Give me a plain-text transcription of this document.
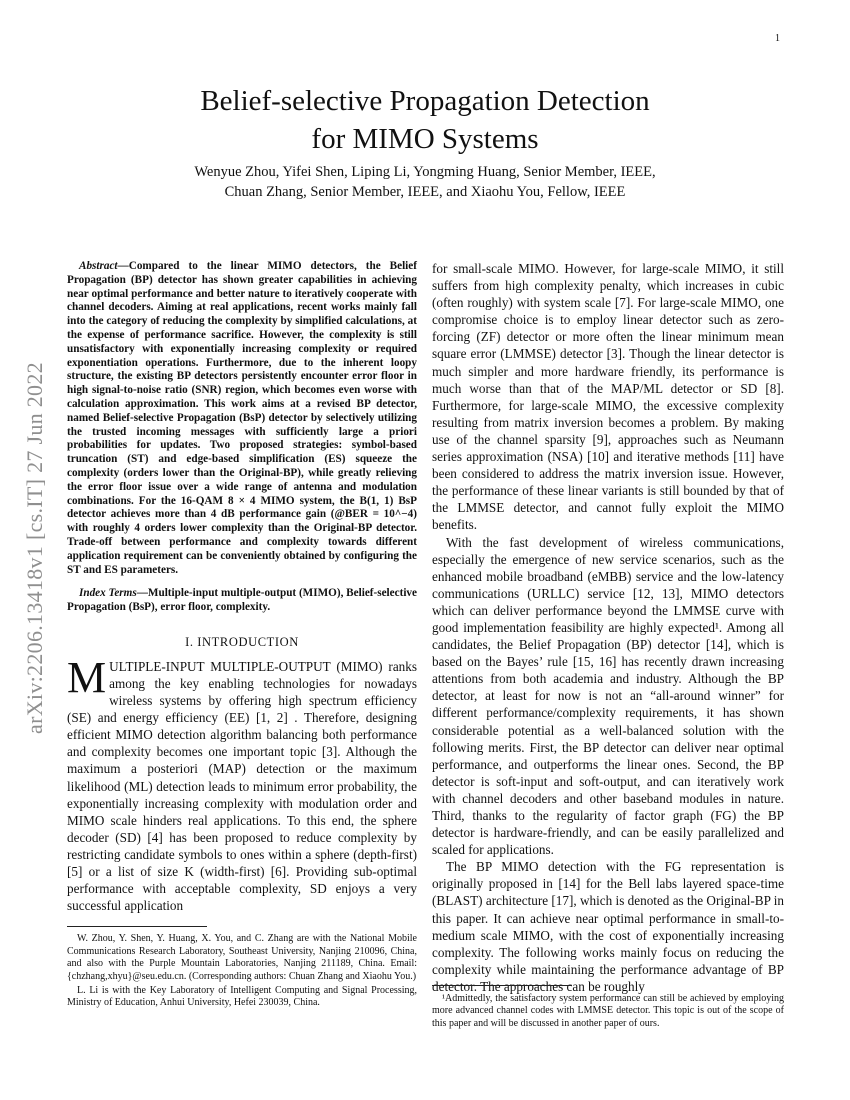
1
arXiv:2206.13418v1 [cs.IT] 27 Jun 2022
Belief-selective Propagation Detection
for MIMO Systems
Wenyue Zhou, Yifei Shen, Liping Li, Yongming Huang, Senior Member, IEEE,
Chuan Zhang, Senior Member, IEEE, and Xiaohu You, Fellow, IEEE

Abstract—Compared to the linear MIMO detectors, the Belief Propagation (BP) detector has shown greater capabilities in achieving near optimal performance and better nature to iteratively cooperate with channel decoders. Aiming at real applications, recent works mainly fall into the category of reducing the complexity by simplified calculations, at the expense of performance sacrifice. However, the complexity is still unsatisfactory with exponentially increasing complexity or required exponentiation operations. Furthermore, due to the inherent loopy structure, the existing BP detectors persistently encounter error floor in high signal-to-noise ratio (SNR) region, which becomes even worse with calculation approximation. This work aims at a revised BP detector, named Belief-selective Propagation (BsP) detector by selectively utilizing the trusted incoming messages with sufficiently large a priori probabilities for updates. Two proposed strategies: symbol-based truncation (ST) and edge-based simplification (ES) squeeze the complexity (orders lower than the Original-BP), while greatly relieving the error floor issue over a wide range of antenna and modulation combinations. For the 16-QAM 8 × 4 MIMO system, the B(1, 1) BsP detector achieves more than 4 dB performance gain (@BER = 10^−4) with roughly 4 orders lower complexity than the Original-BP detector. Trade-off between performance and complexity towards different application requirement can be conveniently obtained by configuring the ST and ES parameters.

Index Terms—Multiple-input multiple-output (MIMO), Belief-selective Propagation (BsP), error floor, complexity.

I. INTRODUCTION

MULTIPLE-INPUT MULTIPLE-OUTPUT (MIMO) ranks among the key enabling technologies for nowadays wireless systems by offering high spectrum efficiency (SE) and energy efficiency (EE) [1, 2] . Therefore, designing efficient MIMO detection algorithm balancing both performance and complexity becomes one important topic [3]. Although the maximum a posteriori (MAP) detection or the maximum likelihood (ML) detection leads to minimum error probability, the exponentially increasing complexity with modulation order and MIMO scale hinders real applications. To this end, the sphere decoder (SD) [4] has been proposed to reduce complexity by restricting candidate symbols to ones within a sphere (depth-first) [5] or a list of size K (width-first) [6]. Providing sub-optimal performance with acceptable complexity, SD enjoys a very successful application

W. Zhou, Y. Shen, Y. Huang, X. You, and C. Zhang are with the National Mobile Communications Research Laboratory, Southeast University, Nanjing 210096, China, and also with the Purple Mountain Laboratories, Nanjing 211189, China. Email: {chzhang,xhyu}@seu.edu.cn. (Corresponding authors: Chuan Zhang and Xiaohu You.)

L. Li is with the Key Laboratory of Intelligent Computing and Signal Processing, Ministry of Education, Anhui University, Hefei 230039, China.

for small-scale MIMO. However, for large-scale MIMO, it still suffers from high complexity penalty, which increases in cubic (often roughly) with system scale [7]. For large-scale MIMO, one compromise choice is to employ linear detector such as zero-forcing (ZF) detector or more often the linear minimum mean square error (LMMSE) detector [3]. Though the linear detector is much simpler and more hardware friendly, its performance is much worse than that of the MAP/ML detector or SD [8]. Furthermore, for large-scale MIMO, the excessive complexity resulting from matrix inversion becomes a problem. By making use of the channel sparsity [9], approaches such as Neumann series approximation (NSA) [10] and iterative methods [11] have been considered to address the matrix inversion issue. However, the performance of these linear variants is still bounded by that of the LMMSE detector, and cannot fully exploit the MIMO benefits.

With the fast development of wireless communications, especially the emergence of new service scenarios, such as the enhanced mobile broadband (eMBB) service and the low-latency communications (URLLC) service [12, 13], MIMO detectors which can deliver performance beyond the LMMSE curve with good implementation feasibility are highly expected¹. Among all candidates, the Belief Propagation (BP) detector [14], which is based on the Bayes’ rule [15, 16] has recently drawn increasing attentions from both academia and industry. Although the BP detector, at least for now is not an “all-around winner” for different performance/complexity requirements, it has shown considerable potential as a well-balanced solution with the following merits. First, the BP detector can deliver near optimal performance, and outperforms the linear ones. Second, the BP detector is soft-input and soft-output, and can iteratively work with channel decoders and other baseband modules in nature. Third, thanks to the regularity of factor graph (FG) the BP detector is hardware-friendly, and can be easily parallelized and scaled for applications.

The BP MIMO detection with the FG representation is originally proposed in [14] for the Bell labs layered space-time (BLAST) architecture [17], which is denoted as the Original-BP in this paper. It can achieve near optimal performance in small-to-medium scale MIMO, with the cost of exponentially increasing complexity. The following works mainly focus on reducing the complexity while maintaining the performance advantage of BP detector. The approaches can be roughly

¹Admittedly, the satisfactory system performance can still be achieved by employing more advanced channel codes with LMMSE detector. This topic is out of the scope of this paper and will be discussed in another paper of ours.
